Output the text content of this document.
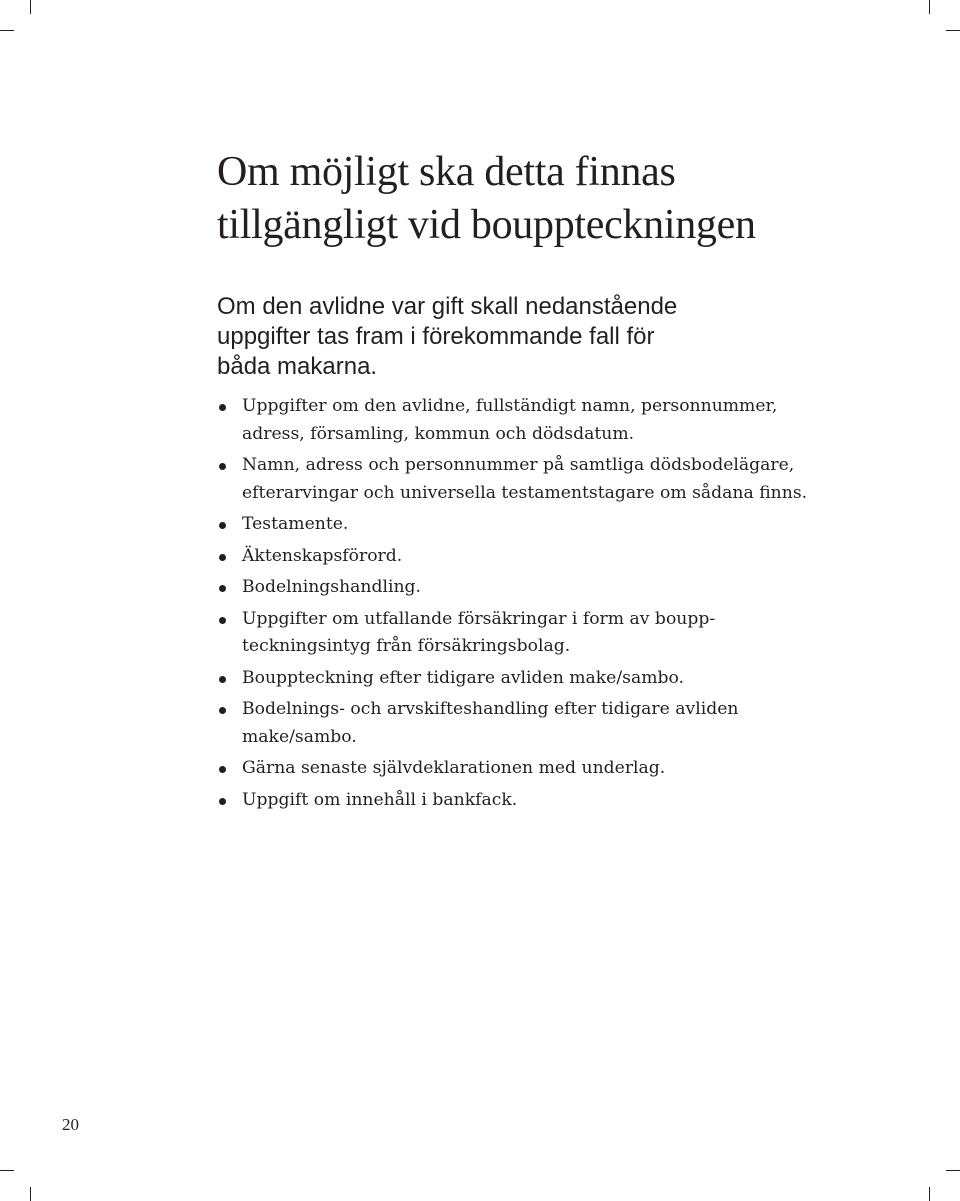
Om möjligt ska detta finnas
tillgängligt vid bouppteckningen

Om den avlidne var gift skall nedanstående
uppgifter tas fram i förekommande fall för
båda makarna.

Uppgifter om den avlidne, fullständigt namn, personnummer,
adress, församling, kommun och dödsdatum.
Namn, adress och personnummer på samtliga dödsbodelägare,
efterarvingar och universella testamentstagare om sådana finns.
Testamente.
Äktenskapsförord.
Bodelningshandling.
Uppgifter om utfallande försäkringar i form av boupp-
teckningsintyg från försäkringsbolag.
Bouppteckning efter tidigare avliden make/sambo.
Bodelnings- och arvskifteshandling efter tidigare avliden
make/sambo.
Gärna senaste självdeklarationen med underlag.
Uppgift om innehåll i bankfack.
20
